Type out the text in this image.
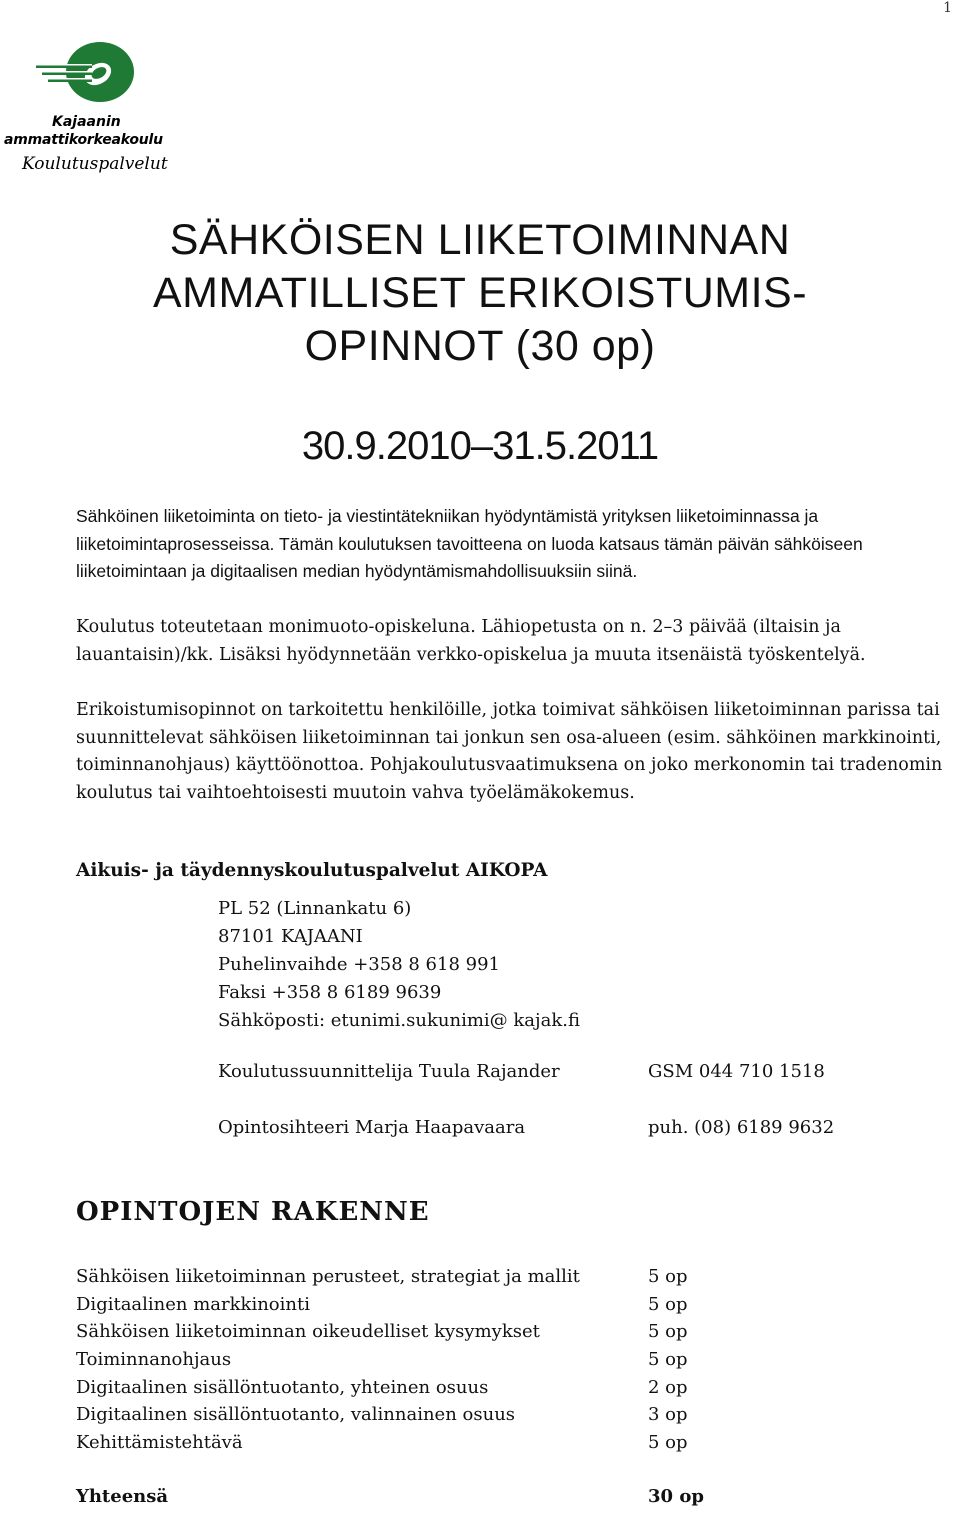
1
Kajaanin
ammattikorkeakoulu
Koulutuspalvelut
SÄHKÖISEN LIIKETOIMINNAN
AMMATILLISET ERIKOISTUMIS-
OPINNOT (30 op)
30.9.2010–31.5.2011
Sähköinen liiketoiminta on tieto- ja viestintätekniikan hyödyntämistä yrityksen liiketoiminnassa ja liiketoimintaprosesseissa. Tämän koulutuksen tavoitteena on luoda katsaus tämän päivän sähköiseen liiketoimintaan ja digitaalisen median hyödyntämismahdollisuuksiin siinä.
Koulutus toteutetaan monimuoto-opiskeluna. Lähiopetusta on n. 2–3 päivää (iltaisin ja lauantaisin)/kk. Lisäksi hyödynnetään verkko-opiskelua ja muuta itsenäistä työskentelyä.
Erikoistumisopinnot on tarkoitettu henkilöille, jotka toimivat sähköisen liiketoiminnan parissa tai suunnittelevat sähköisen liiketoiminnan tai jonkun sen osa-alueen (esim. sähköinen markkinointi, toiminnanohjaus) käyttöönottoa. Pohjakoulutusvaatimuksena on joko merkonomin tai tradenomin koulutus tai vaihtoehtoisesti muutoin vahva työelämäkokemus.
Aikuis- ja täydennyskoulutuspalvelut AIKOPA
PL 52 (Linnankatu 6)
87101 KAJAANI
Puhelinvaihde +358 8 618 991
Faksi +358 8 6189 9639
Sähköposti: etunimi.sukunimi@ kajak.fi
Koulutussuunnittelija Tuula Rajander	GSM 044 710 1518
Opintosihteeri Marja Haapavaara	puh. (08) 6189 9632
OPINTOJEN RAKENNE
Sähköisen liiketoiminnan perusteet, strategiat ja mallit	5 op
Digitaalinen markkinointi	5 op
Sähköisen liiketoiminnan oikeudelliset kysymykset	5 op
Toiminnanohjaus	5 op
Digitaalinen sisällöntuotanto, yhteinen osuus	2 op
Digitaalinen sisällöntuotanto, valinnainen osuus	3 op
Kehittämistehtävä	5 op
Yhteensä	30 op
